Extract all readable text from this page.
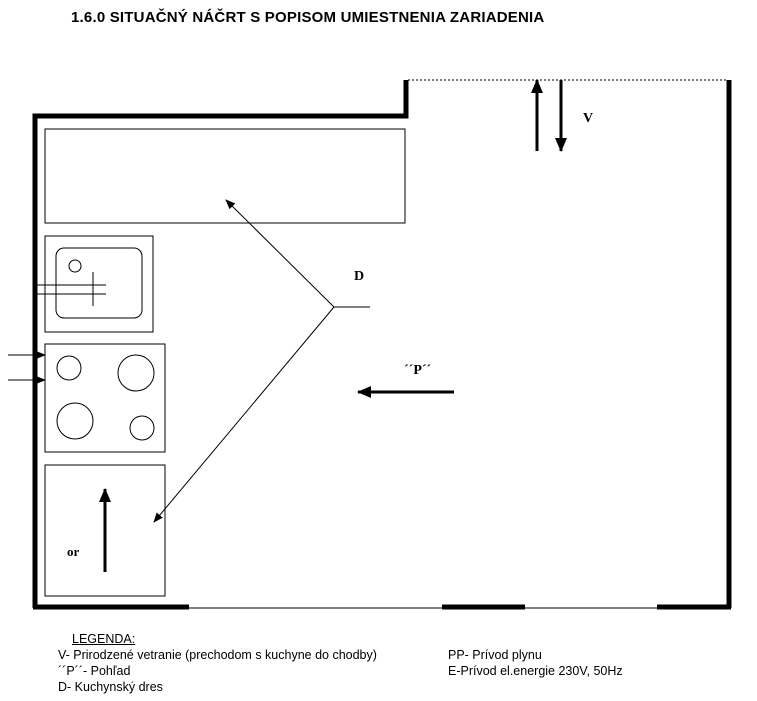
1.6.0 SITUAČNÝ NÁČRT S POPISOM UMIESTNENIA ZARIADENIA
or
D
V
´´P´´
LEGENDA:
V- Prirodzené vetranie (prechodom s kuchyne do chodby)
´´P´´- Pohľad
D- Kuchynský dres
PP- Prívod plynu
E-Prívod el.energie 230V, 50Hz
